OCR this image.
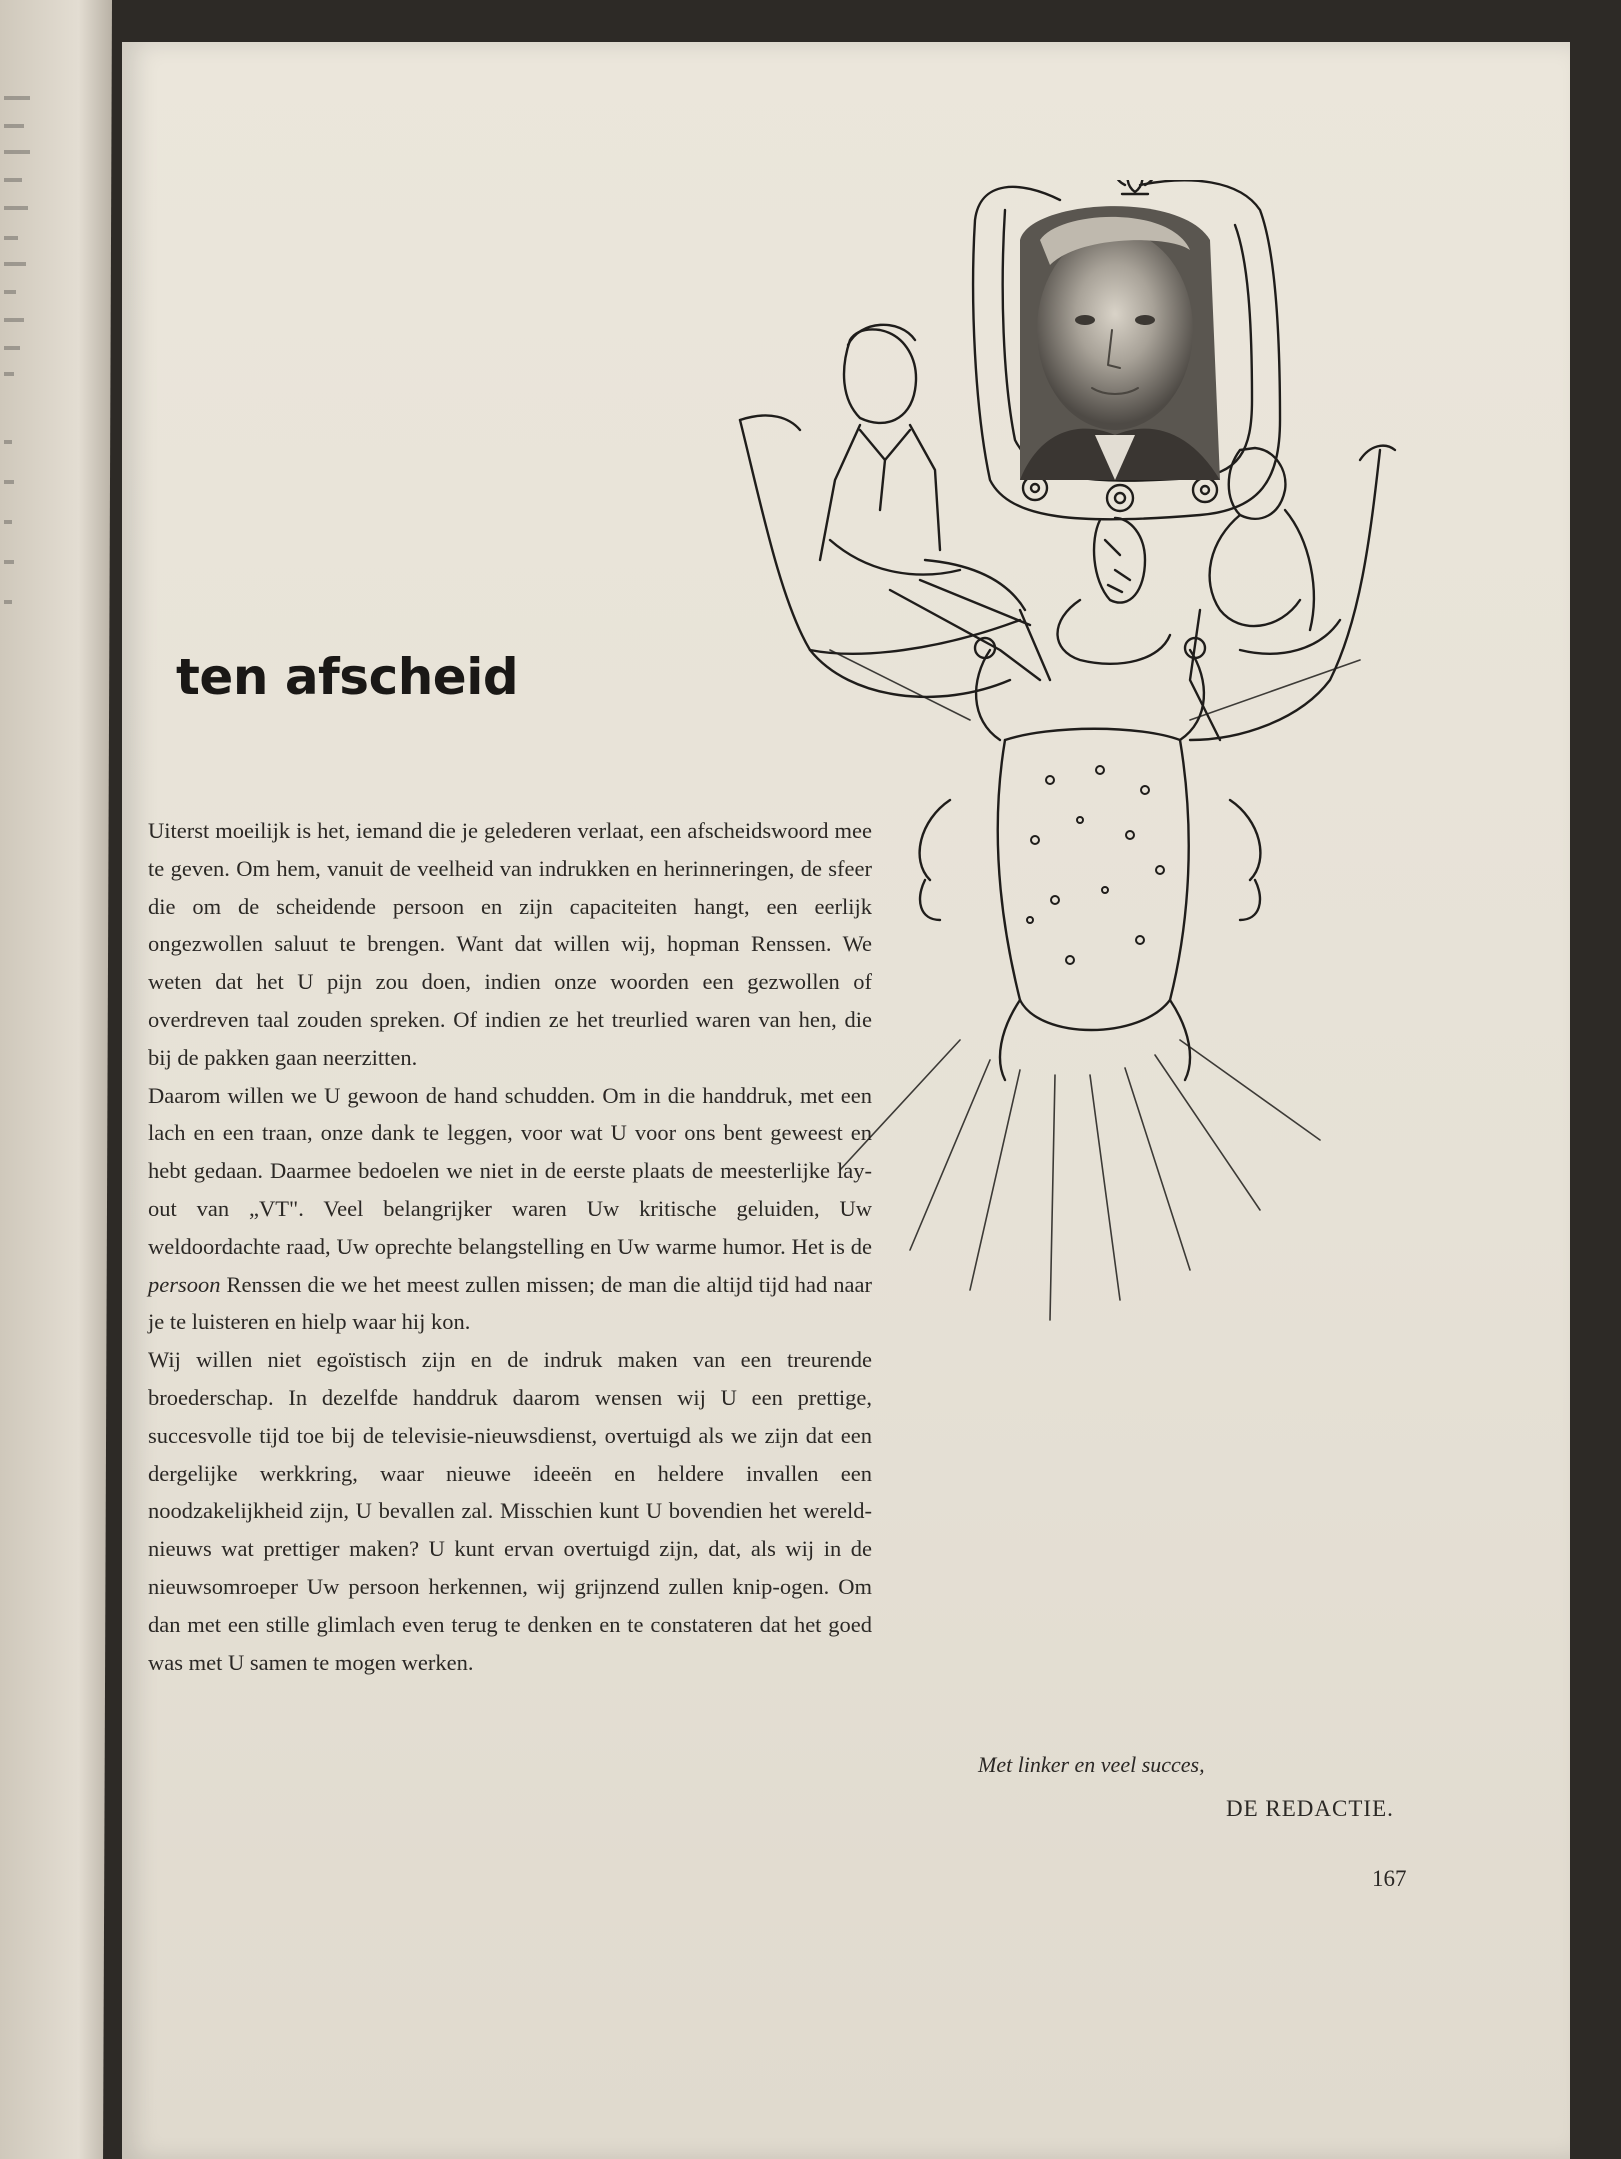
ten afscheid

Uiterst moeilijk is het, iemand die je gelederen verlaat, een afscheidswoord mee te geven. Om hem, vanuit de veelheid van indrukken en herinneringen, de sfeer die om de scheidende persoon en zijn capaciteiten hangt, een eerlijk ongezwollen saluut te brengen. Want dat willen wij, hopman Renssen. We weten dat het U pijn zou doen, indien onze woorden een gezwollen of overdreven taal zouden spreken. Of indien ze het treurlied waren van hen, die bij de pakken gaan neerzitten.

Daarom willen we U gewoon de hand schudden. Om in die handdruk, met een lach en een traan, onze dank te leggen, voor wat U voor ons bent geweest en hebt gedaan. Daarmee bedoelen we niet in de eerste plaats de meesterlijke lay-out van „VT". Veel belangrijker waren Uw kritische geluiden, Uw weldoordachte raad, Uw oprechte belangstelling en Uw warme humor. Het is de persoon Renssen die we het meest zullen missen; de man die altijd tijd had naar je te luisteren en hielp waar hij kon.

Wij willen niet egoïstisch zijn en de indruk maken van een treurende broederschap. In dezelfde handdruk daarom wensen wij U een prettige, succesvolle tijd toe bij de televisie-nieuwsdienst, overtuigd als we zijn dat een dergelijke werkkring, waar nieuwe ideeën en heldere invallen een noodzakelijkheid zijn, U bevallen zal. Misschien kunt U bovendien het wereld-nieuws wat prettiger maken? U kunt ervan overtuigd zijn, dat, als wij in de nieuwsomroeper Uw persoon herkennen, wij grijnzend zullen knip-ogen. Om dan met een stille glimlach even terug te denken en te constateren dat het goed was met U samen te mogen werken.

Met linker en veel succes,
DE REDACTIE.
167
